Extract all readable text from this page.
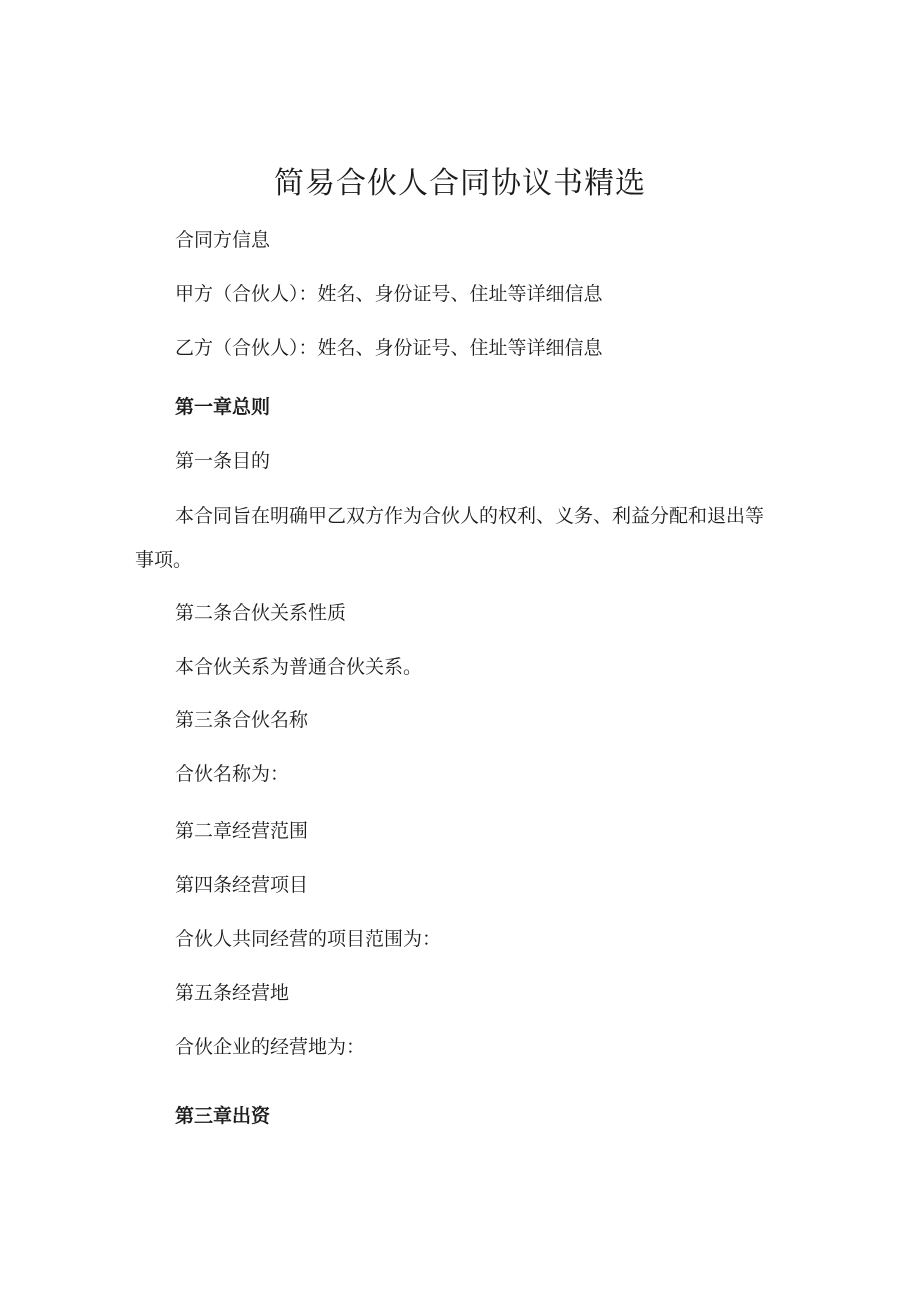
简易合伙人合同协议书精选

合同方信息

甲方（合伙人）：姓名、身份证号、住址等详细信息

乙方（合伙人）：姓名、身份证号、住址等详细信息

第一章总则

第一条目的

本合同旨在明确甲乙双方作为合伙人的权利、义务、利益分配和退出等事项。

第二条合伙关系性质

本合伙关系为普通合伙关系。

第三条合伙名称

合伙名称为：

第二章经营范围

第四条经营项目

合伙人共同经营的项目范围为：

第五条经营地

合伙企业的经营地为：

第三章出资
